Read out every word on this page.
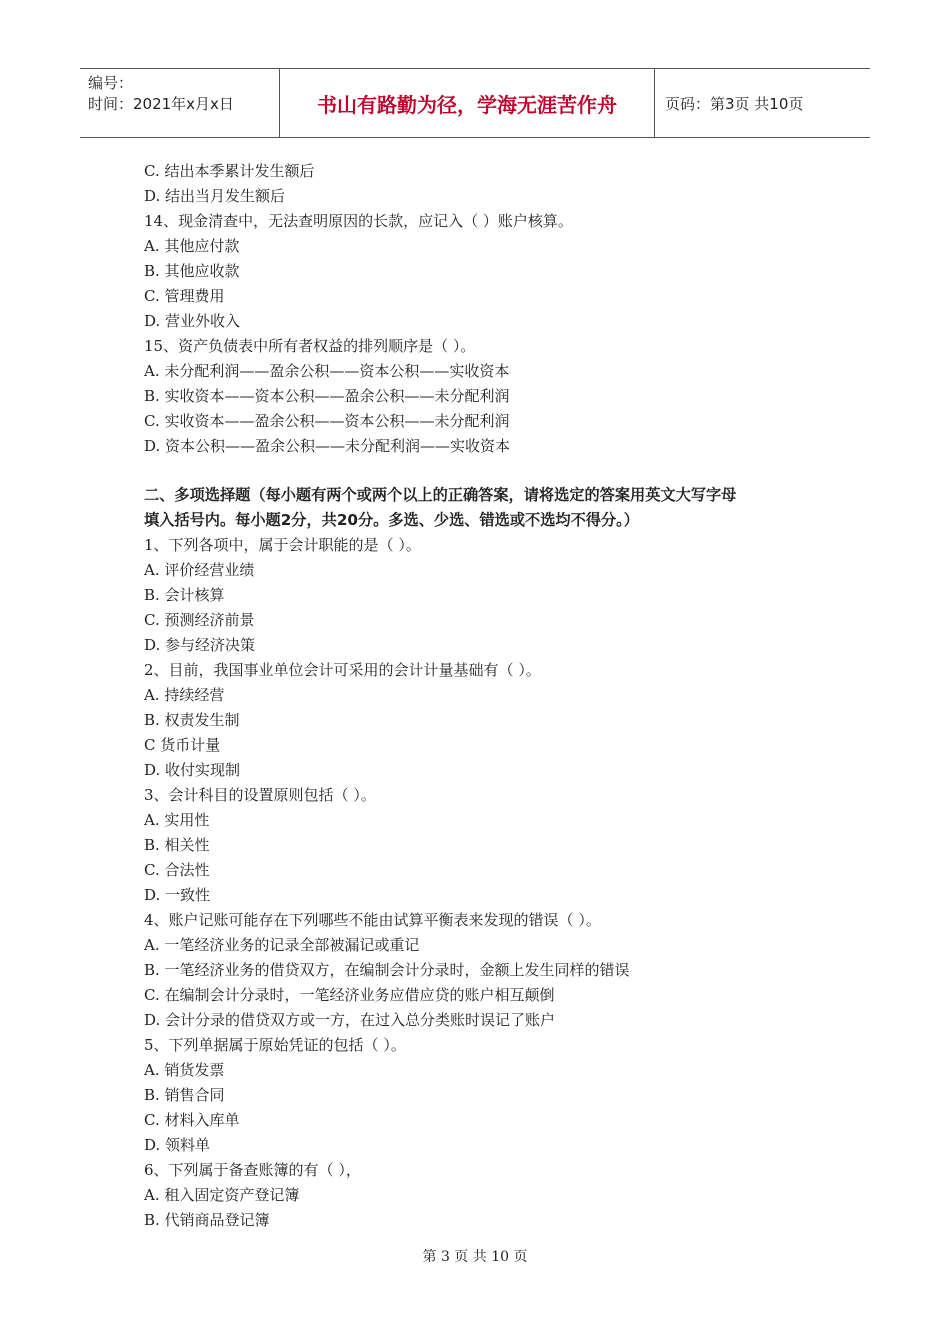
编号：
时间：2021年x月x日	书山有路勤为径，学海无涯苦作舟	页码：第3页 共10页
C. 结出本季累计发生额后
D. 结出当月发生额后
14、现金清查中，无法查明原因的长款，应记入（ ）账户核算。
A. 其他应付款
B. 其他应收款
C. 管理费用
D. 营业外收入
15、资产负债表中所有者权益的排列顺序是（ ）。
A. 未分配利润——盈余公积——资本公积——实收资本
B. 实收资本——资本公积——盈余公积——未分配利润
C. 实收资本——盈余公积——资本公积——未分配利润
D. 资本公积——盈余公积——未分配利润——实收资本
二、多项选择题（每小题有两个或两个以上的正确答案，请将选定的答案用英文大写字母
填入括号内。每小题2分，共20分。多选、少选、错选或不选均不得分。）
1、下列各项中，属于会计职能的是（ ）。
A. 评价经营业绩
B. 会计核算
C. 预测经济前景
D. 参与经济决策
2、目前，我国事业单位会计可采用的会计计量基础有（ ）。
A. 持续经营
B. 权责发生制
C 货币计量
D. 收付实现制
3、会计科目的设置原则包括（ ）。
A. 实用性
B. 相关性
C. 合法性
D. 一致性
4、账户记账可能存在下列哪些不能由试算平衡表来发现的错误（ ）。
A. 一笔经济业务的记录全部被漏记或重记
B. 一笔经济业务的借贷双方，在编制会计分录时，金额上发生同样的错误
C. 在编制会计分录时，一笔经济业务应借应贷的账户相互颠倒
D. 会计分录的借贷双方或一方，在过入总分类账时误记了账户
5、下列单据属于原始凭证的包括（ ）。
A. 销货发票
B. 销售合同
C. 材料入库单
D. 领料单
6、下列属于备查账簿的有（ ），
A. 租入固定资产登记簿
B. 代销商品登记簿
第 3 页 共 10 页
